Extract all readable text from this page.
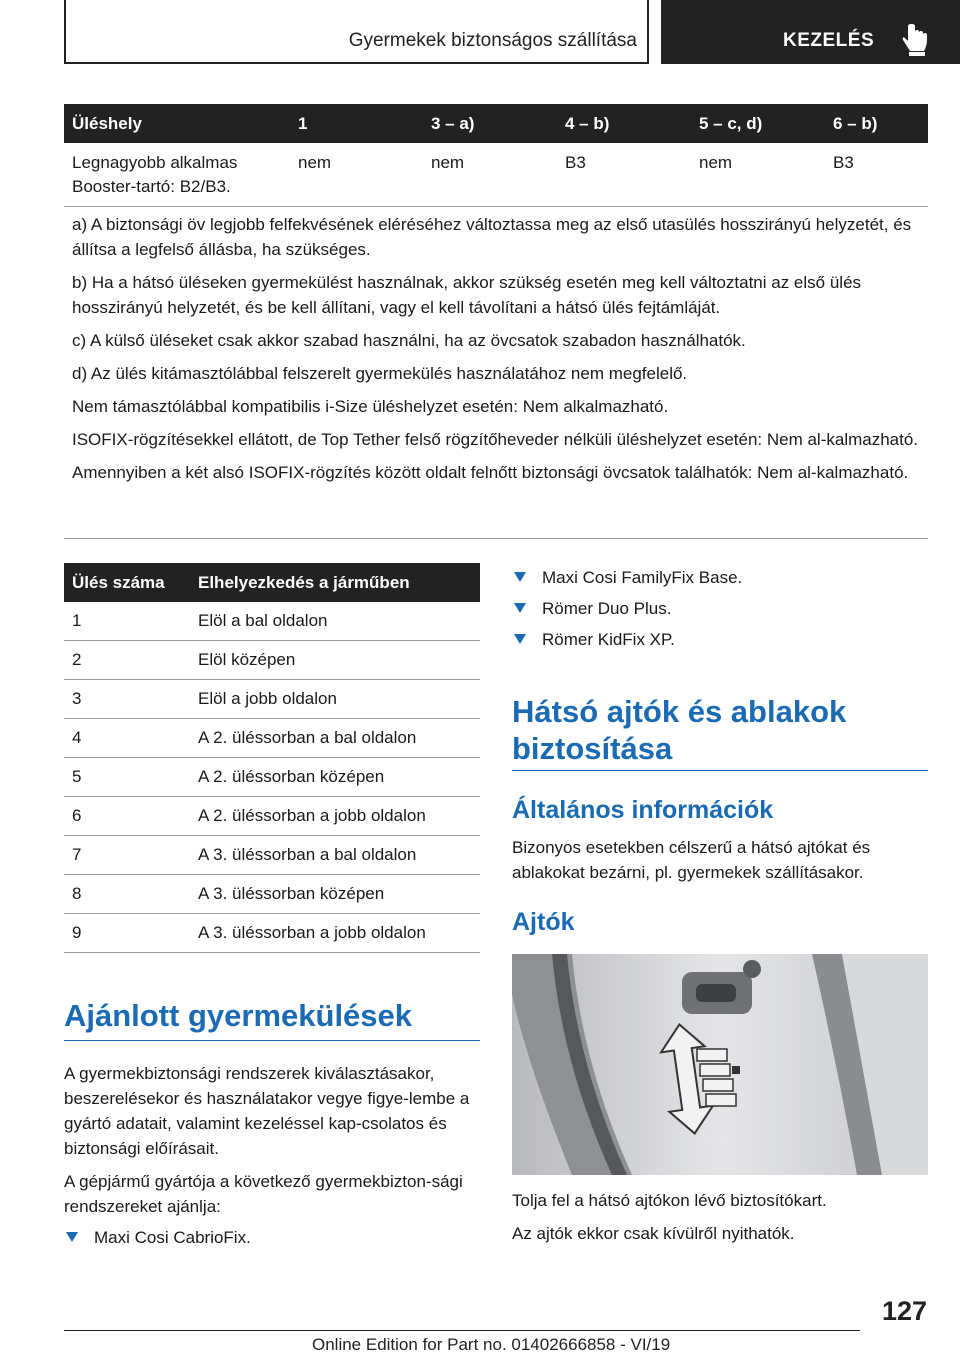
Gyermekek biztonságos szállítása	KEZELÉS
Üléshely	1	3 – a)	4 – b)	5 – c, d)	6 – b)
Legnagyobb alkalmas Booster-tartó: B2/B3.	nem	nem	B3	nem	B3

a) A biztonsági öv legjobb felfekvésének eléréséhez változtassa meg az első utasülés hosszirányú helyzetét, és állítsa a legfelső állásba, ha szükséges.

b) Ha a hátsó üléseken gyermekülést használnak, akkor szükség esetén meg kell változtatni az első ülés hosszirányú helyzetét, és be kell állítani, vagy el kell távolítani a hátsó ülés fejtámláját.

c) A külső üléseket csak akkor szabad használni, ha az övcsatok szabadon használhatók.

d) Az ülés kitámasztólábbal felszerelt gyermekülés használatához nem megfelelő.

Nem támasztólábbal kompatibilis i-Size üléshelyzet esetén: Nem alkalmazható.

ISOFIX-rögzítésekkel ellátott, de Top Tether felső rögzítőheveder nélküli üléshelyzet esetén: Nem al-kalmazható.

Amennyiben a két alsó ISOFIX-rögzítés között oldalt felnőtt biztonsági övcsatok találhatók: Nem al-kalmazható.

Ülés száma	Elhelyezkedés a járműben
1	Elöl a bal oldalon
2	Elöl középen
3	Elöl a jobb oldalon
4	A 2. üléssorban a bal oldalon
5	A 2. üléssorban középen
6	A 2. üléssorban a jobb oldalon
7	A 3. üléssorban a bal oldalon
8	A 3. üléssorban középen
9	A 3. üléssorban a jobb oldalon
Ajánlott gyermekülések

A gyermekbiztonsági rendszerek kiválasztásakor, beszerelésekor és használatakor vegye figye-lembe a gyártó adatait, valamint kezeléssel kap-csolatos és biztonsági előírásait.

A gépjármű gyártója a következő gyermekbizton-sági rendszereket ajánlja:

Maxi Cosi CabrioFix.
Maxi Cosi FamilyFix Base.
Römer Duo Plus.
Römer KidFix XP.
Hátsó ajtók és ablakok biztosítása
Általános információk

Bizonyos esetekben célszerű a hátsó ajtókat és ablakokat bezárni, pl. gyermekek szállításakor.

Ajtók

Tolja fel a hátsó ajtókon lévő biztosítókart.

Az ajtók ekkor csak kívülről nyithatók.

127
Online Edition for Part no. 01402666858 - VI/19
